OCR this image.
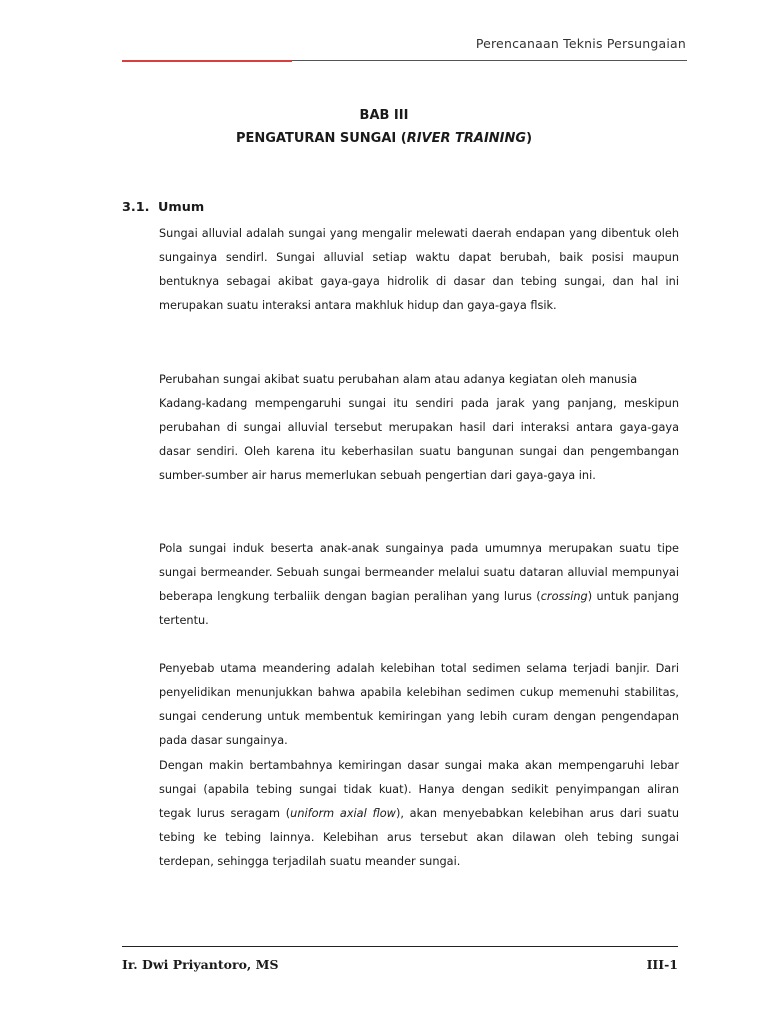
Perencanaan Teknis Persungaian
BAB III
PENGATURAN SUNGAI (RIVER TRAINING)
3.1. Umum

Sungai alluvial adalah sungai yang mengalir melewati daerah endapan yang dibentuk oleh sungainya sendirl. Sungai alluvial setiap waktu dapat berubah, baik posisi maupun bentuknya sebagai akibat gaya-gaya hidrolik di dasar dan tebing sungai, dan hal ini merupakan suatu interaksi antara makhluk hidup dan gaya-gaya flsik.

Perubahan sungai akibat suatu perubahan alam atau adanya kegiatan oleh manusia
Kadang-kadang mempengaruhi sungai itu sendiri pada jarak yang panjang, meskipun perubahan di sungai alluvial tersebut merupakan hasil dari interaksi antara gaya-gaya dasar sendiri. Oleh karena itu keberhasilan suatu bangunan sungai dan pengembangan sumber-sumber air harus memerlukan sebuah pengertian dari gaya-gaya ini.

Pola sungai induk beserta anak-anak sungainya pada umumnya merupakan suatu tipe sungai bermeander. Sebuah sungai bermeander melalui suatu dataran alluvial mempunyai beberapa lengkung terbaliik dengan bagian peralihan yang lurus (crossing) untuk panjang tertentu.

Penyebab utama meandering adalah kelebihan total sedimen selama terjadi banjir. Dari penyelidikan menunjukkan bahwa apabila kelebihan sedimen cukup memenuhi stabilitas, sungai cenderung untuk membentuk kemiringan yang lebih curam dengan pengendapan pada dasar sungainya.

Dengan makin bertambahnya kemiringan dasar sungai maka akan mempengaruhi lebar sungai (apabila tebing sungai tidak kuat). Hanya dengan sedikit penyimpangan aliran tegak lurus seragam (uniform axial flow), akan menyebabkan kelebihan arus dari suatu tebing ke tebing lainnya. Kelebihan arus tersebut akan dilawan oleh tebing sungai terdepan, sehingga terjadilah suatu meander sungai.

Ir. Dwi Priyantoro, MS	III-1
